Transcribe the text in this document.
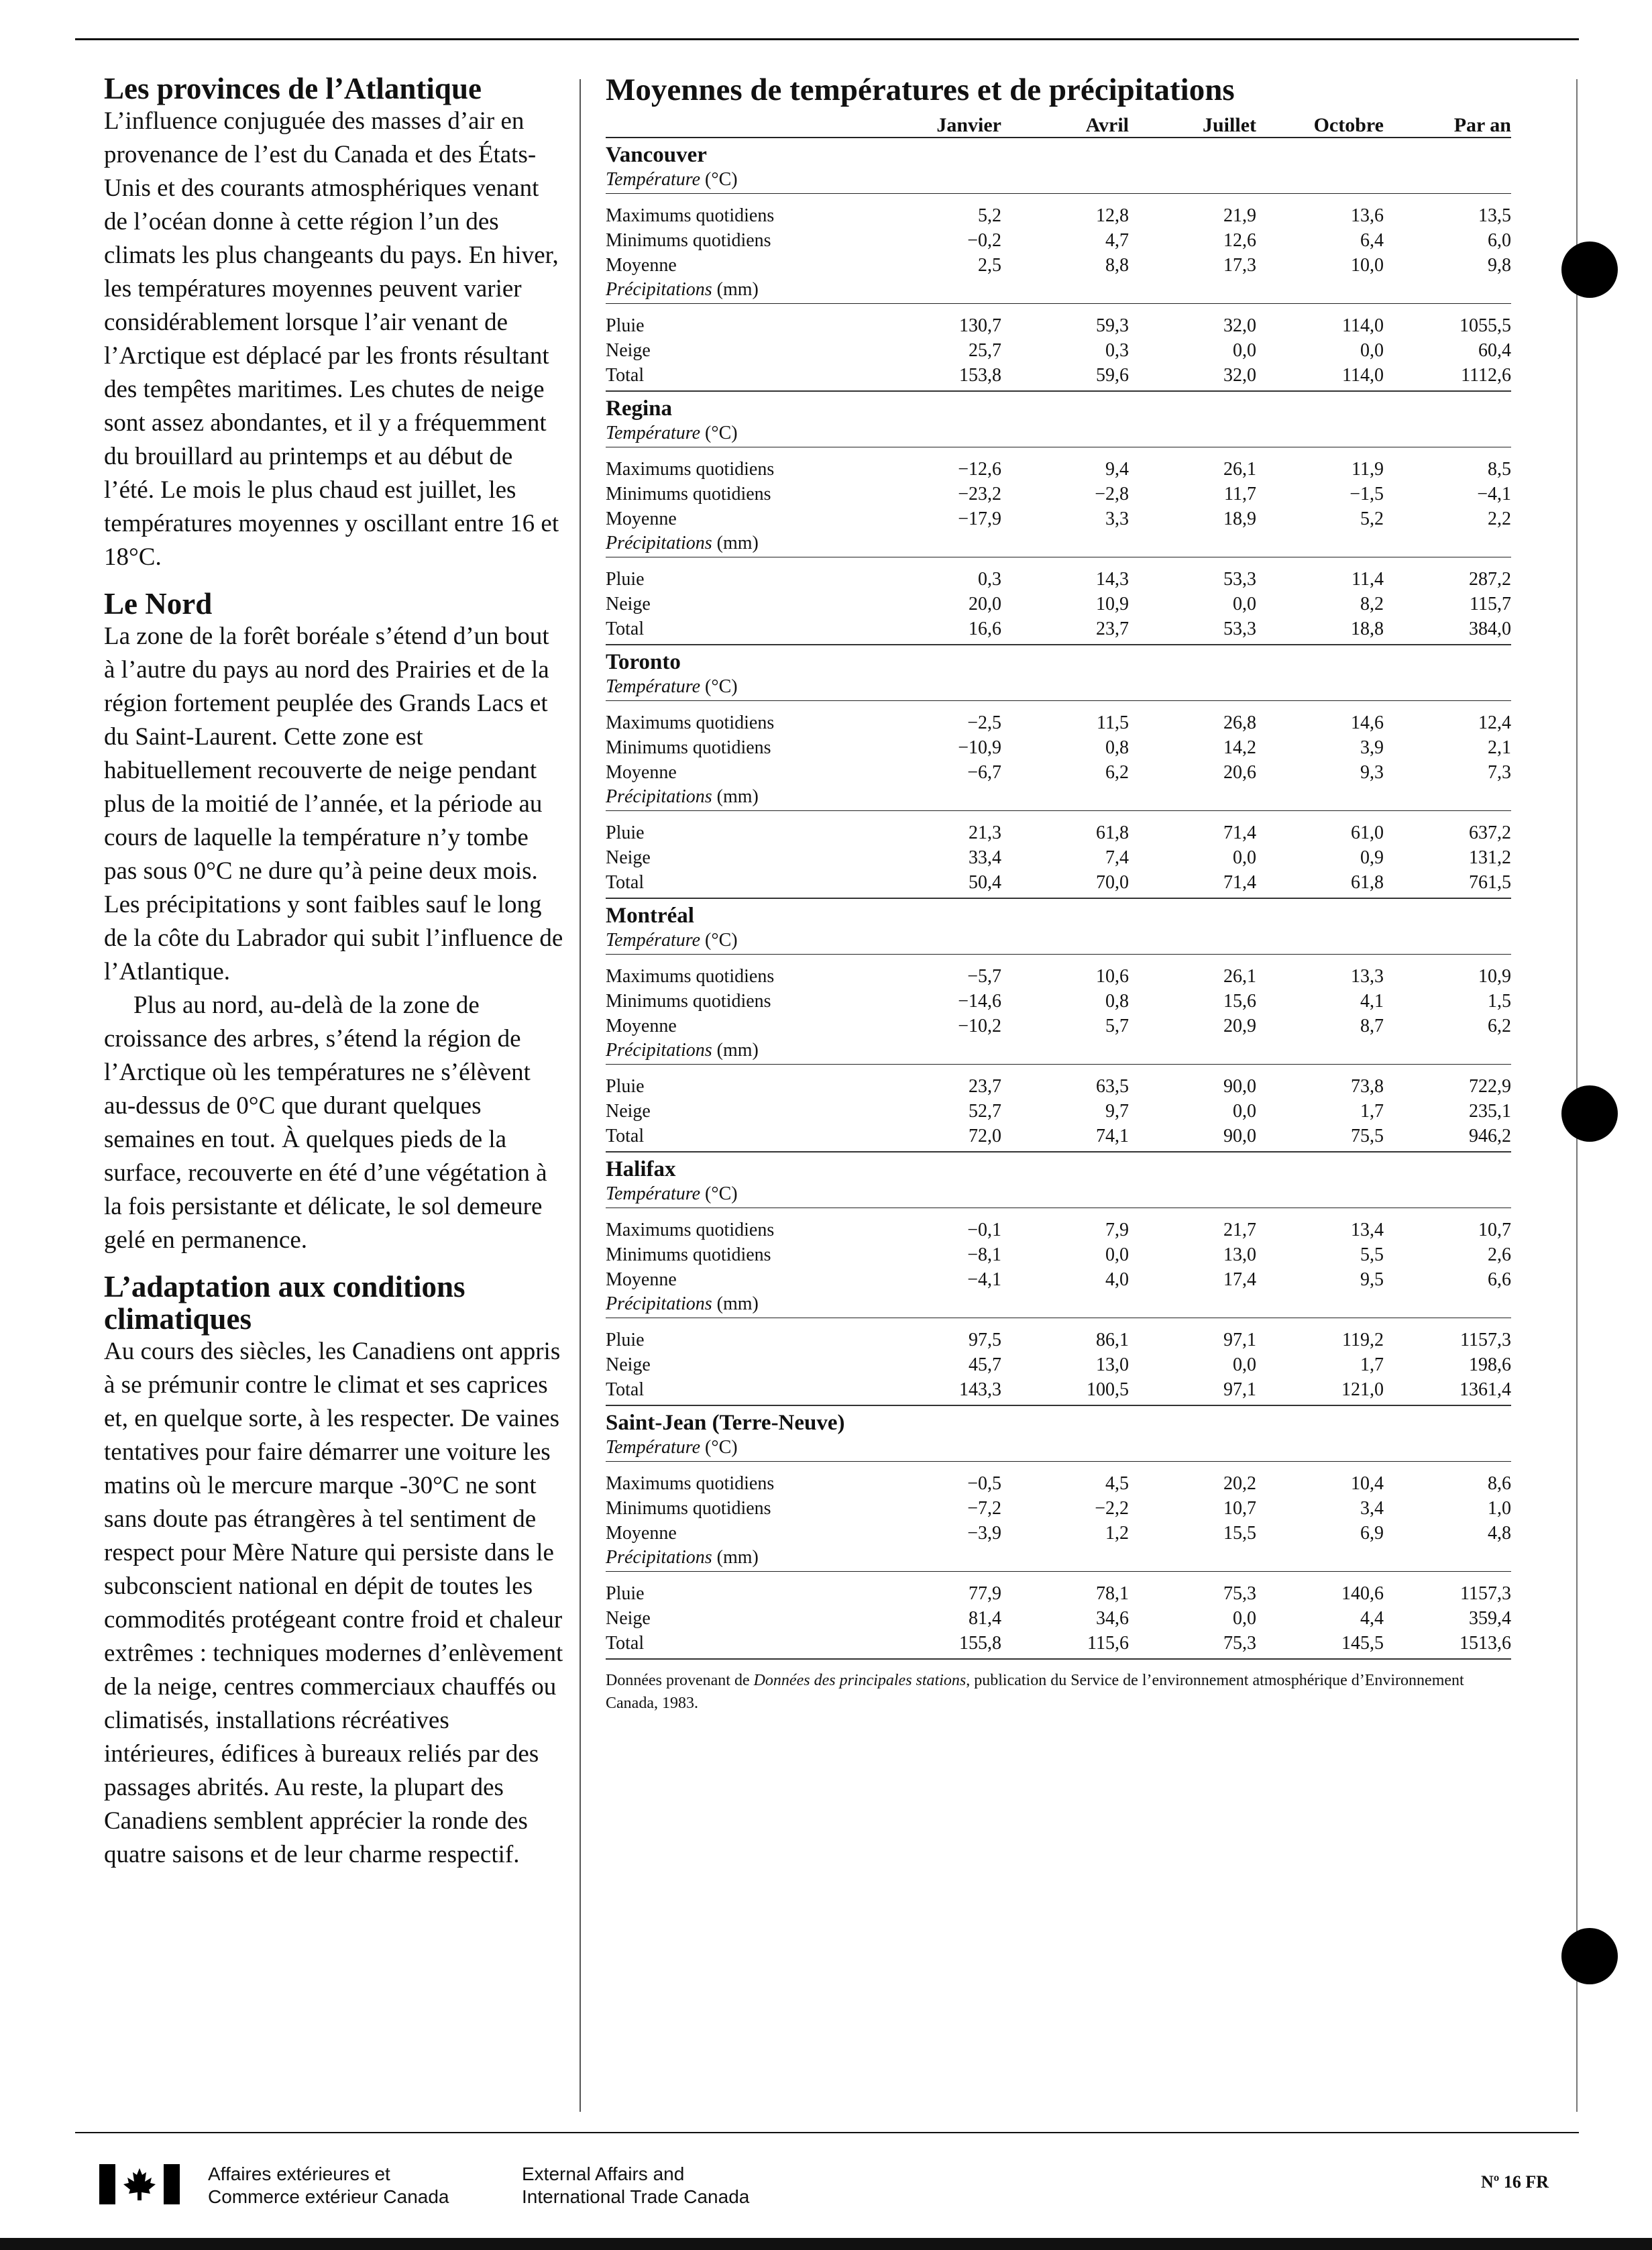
Les provinces de l’Atlantique

L’influence conjuguée des masses d’air en provenance de l’est du Canada et des États-Unis et des courants atmosphériques venant de l’océan donne à cette région l’un des climats les plus changeants du pays. En hiver, les températures moyennes peuvent varier considérablement lorsque l’air venant de l’Arctique est déplacé par les fronts résultant des tempêtes maritimes. Les chutes de neige sont assez abondantes, et il y a fréquemment du brouillard au printemps et au début de l’été. Le mois le plus chaud est juillet, les températures moyennes y oscillant entre 16 et 18°C.

Le Nord

La zone de la forêt boréale s’étend d’un bout à l’autre du pays au nord des Prairies et de la région fortement peuplée des Grands Lacs et du Saint-Laurent. Cette zone est habituellement recouverte de neige pendant plus de la moitié de l’année, et la période au cours de laquelle la température n’y tombe pas sous 0°C ne dure qu’à peine deux mois. Les précipitations y sont faibles sauf le long de la côte du Labrador qui subit l’influence de l’Atlantique.

Plus au nord, au-delà de la zone de croissance des arbres, s’étend la région de l’Arctique où les températures ne s’élèvent au-dessus de 0°C que durant quelques semaines en tout. À quelques pieds de la surface, recouverte en été d’une végétation à la fois persistante et délicate, le sol demeure gelé en permanence.

L’adaptation aux conditions climatiques

Au cours des siècles, les Canadiens ont appris à se prémunir contre le climat et ses caprices et, en quelque sorte, à les respecter. De vaines tentatives pour faire démarrer une voiture les matins où le mercure marque -30°C ne sont sans doute pas étrangères à tel sentiment de respect pour Mère Nature qui persiste dans le subconscient national en dépit de toutes les commodités protégeant contre froid et chaleur extrêmes : techniques modernes d’enlèvement de la neige, centres commerciaux chauffés ou climatisés, installations récréatives intérieures, édifices à bureaux reliés par des passages abrités. Au reste, la plupart des Canadiens semblent apprécier la ronde des quatre saisons et de leur charme respectif.

Moyennes de températures et de précipitations
Janvier	Avril	Juillet	Octobre	Par an
Vancouver
Température (°C)
Maximums quotidiens	5,2	12,8	21,9	13,6	13,5
Minimums quotidiens	−0,2	4,7	12,6	6,4	6,0
Moyenne	2,5	8,8	17,3	10,0	9,8
Précipitations (mm)
Pluie	130,7	59,3	32,0	114,0	1055,5
Neige	25,7	0,3	0,0	0,0	60,4
Total	153,8	59,6	32,0	114,0	1112,6
Regina
Température (°C)
Maximums quotidiens	−12,6	9,4	26,1	11,9	8,5
Minimums quotidiens	−23,2	−2,8	11,7	−1,5	−4,1
Moyenne	−17,9	3,3	18,9	5,2	2,2
Précipitations (mm)
Pluie	0,3	14,3	53,3	11,4	287,2
Neige	20,0	10,9	0,0	8,2	115,7
Total	16,6	23,7	53,3	18,8	384,0
Toronto
Température (°C)
Maximums quotidiens	−2,5	11,5	26,8	14,6	12,4
Minimums quotidiens	−10,9	0,8	14,2	3,9	2,1
Moyenne	−6,7	6,2	20,6	9,3	7,3
Précipitations (mm)
Pluie	21,3	61,8	71,4	61,0	637,2
Neige	33,4	7,4	0,0	0,9	131,2
Total	50,4	70,0	71,4	61,8	761,5
Montréal
Température (°C)
Maximums quotidiens	−5,7	10,6	26,1	13,3	10,9
Minimums quotidiens	−14,6	0,8	15,6	4,1	1,5
Moyenne	−10,2	5,7	20,9	8,7	6,2
Précipitations (mm)
Pluie	23,7	63,5	90,0	73,8	722,9
Neige	52,7	9,7	0,0	1,7	235,1
Total	72,0	74,1	90,0	75,5	946,2
Halifax
Température (°C)
Maximums quotidiens	−0,1	7,9	21,7	13,4	10,7
Minimums quotidiens	−8,1	0,0	13,0	5,5	2,6
Moyenne	−4,1	4,0	17,4	9,5	6,6
Précipitations (mm)
Pluie	97,5	86,1	97,1	119,2	1157,3
Neige	45,7	13,0	0,0	1,7	198,6
Total	143,3	100,5	97,1	121,0	1361,4
Saint-Jean (Terre-Neuve)
Température (°C)
Maximums quotidiens	−0,5	4,5	20,2	10,4	8,6
Minimums quotidiens	−7,2	−2,2	10,7	3,4	1,0
Moyenne	−3,9	1,2	15,5	6,9	4,8
Précipitations (mm)
Pluie	77,9	78,1	75,3	140,6	1157,3
Neige	81,4	34,6	0,0	4,4	359,4
Total	155,8	115,6	75,3	145,5	1513,6
Données provenant de Données des principales stations, publication du Service de l’environnement atmosphérique d’Environnement Canada, 1983.
Affaires extérieures et
Commerce extérieur Canada
External Affairs and
International Trade Canada
Nº 16 FR
